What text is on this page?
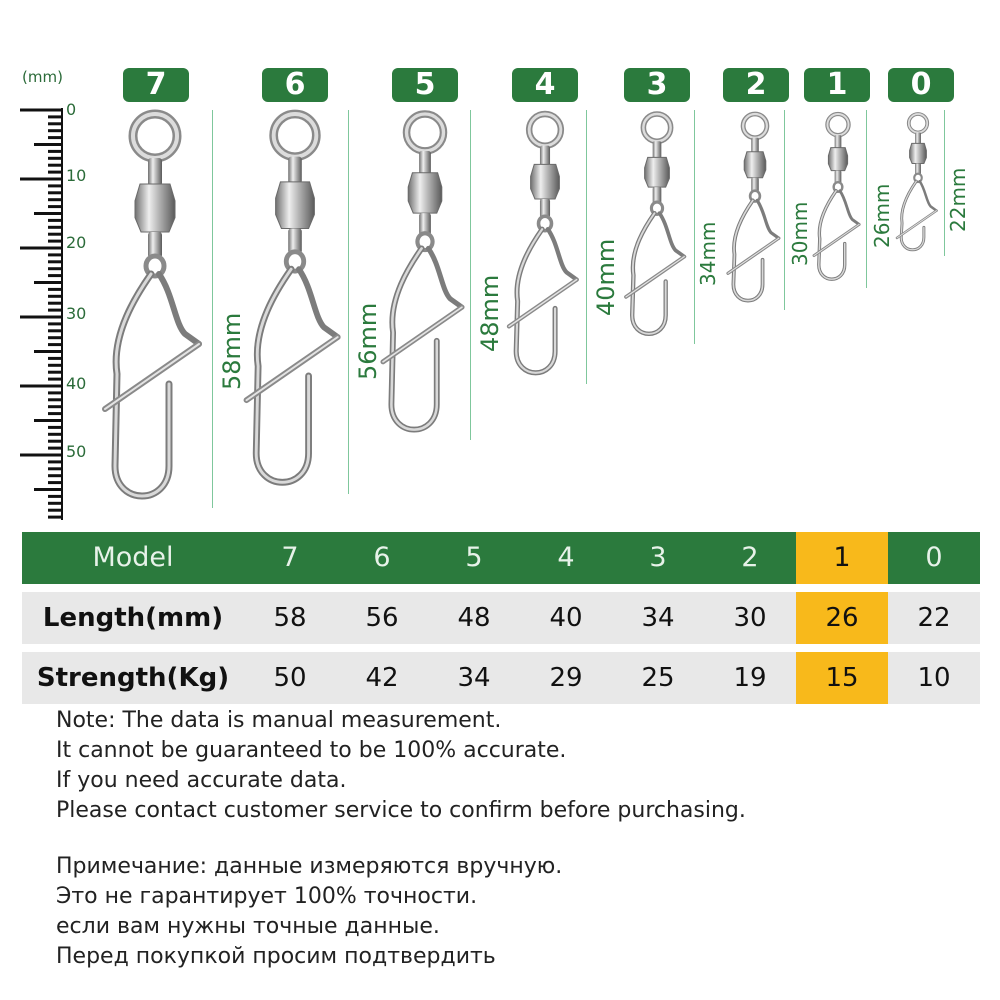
(mm)
0
10
20
30
40
50
7	6	5	4	3	2	1	0
58mm	56mm	48mm	40mm	34mm	30mm	26mm	22mm
Model	7	6	5	4	3	2	1	0
Length(mm)	58	56	48	40	34	30	26	22
Strength(Kg)	50	42	34	29	25	19	15	10
Note: The data is manual measurement.
It cannot be guaranteed to be 100% accurate.
If you need accurate data.
Please contact customer service to confirm before purchasing.
Примечание: данные измеряются вручную.
Это не гарантирует 100% точности.
если вам нужны точные данные.
Перед покупкой просим подтвердить
